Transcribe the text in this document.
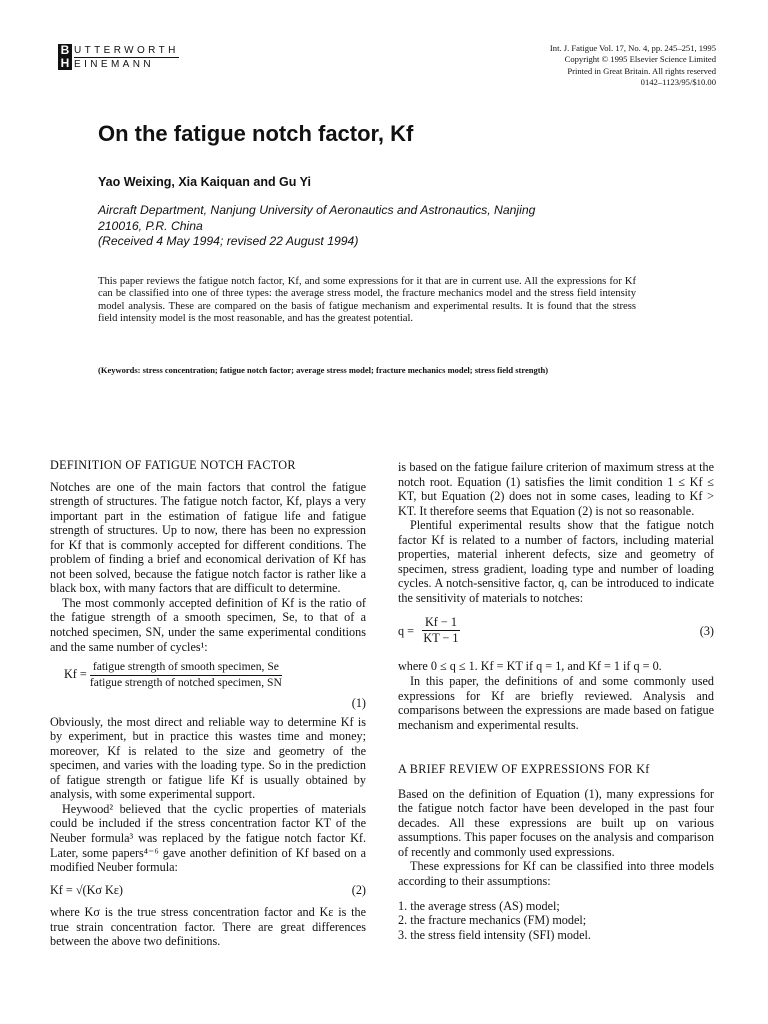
B
H
UTTERWORTH
EINEMANN
Int. J. Fatigue Vol. 17, No. 4, pp. 245–251, 1995
Copyright © 1995 Elsevier Science Limited
Printed in Great Britain. All rights reserved
0142–1123/95/$10.00
On the fatigue notch factor, Kf
Yao Weixing, Xia Kaiquan and Gu Yi
Aircraft Department, Nanjung University of Aeronautics and Astronautics, Nanjing
210016, P.R. China
(Received 4 May 1994; revised 22 August 1994)
This paper reviews the fatigue notch factor, Kf, and some expressions for it that are in current use. All the expressions for Kf can be classified into one of three types: the average stress model, the fracture mechanics model and the stress field intensity model analysis. These are compared on the basis of fatigue mechanism and experimental results. It is found that the stress field intensity model is the most reasonable, and has the greatest potential.
(Keywords: stress concentration; fatigue notch factor; average stress model; fracture mechanics model; stress field strength)
DEFINITION OF FATIGUE NOTCH FACTOR

Notches are one of the main factors that control the fatigue strength of structures. The fatigue notch factor, Kf, plays a very important part in the estimation of fatigue life and fatigue strength of structures. Up to now, there has been no expression for Kf that is commonly accepted for different conditions. The problem of finding a brief and economical derivation of Kf has not been solved, because the fatigue notch factor is rather like a black box, with many factors that are difficult to determine.

The most commonly accepted definition of Kf is the ratio of the fatigue strength of a smooth specimen, Se, to that of a notched specimen, SN, under the same experimental conditions and the same number of cycles¹:

$Kf = \frac{\text{fatigue strength of smooth specimen, Se}}{\text{fatigue strength of notched specimen, SN}}$
(1)

Obviously, the most direct and reliable way to determine Kf is by experiment, but in practice this wastes time and money; moreover, Kf is related to the size and geometry of the specimen, and varies with the loading type. So in the prediction of fatigue strength or fatigue life Kf is usually obtained by analysis, with some experimental support.

Heywood² believed that the cyclic properties of materials could be included if the stress concentration factor KT of the Neuber formula³ was replaced by the fatigue notch factor Kf. Later, some papers⁴⁻⁶ gave another definition of Kf based on a modified Neuber formula:

Kf = √(Kσ Kε)	(2)

where Kσ is the true stress concentration factor and Kε is the true strain concentration factor. There are great differences between the above two definitions.

is based on the fatigue failure criterion of maximum stress at the notch root. Equation (1) satisfies the limit condition 1 ≤ Kf ≤ KT, but Equation (2) does not in some cases, leading to Kf > KT. It therefore seems that Equation (2) is not so reasonable.

Plentiful experimental results show that the fatigue notch factor Kf is related to a number of factors, including material properties, material inherent defects, size and geometry of specimen, stress gradient, loading type and number of loading cycles. A notch-sensitive factor, q, can be introduced to indicate the sensitivity of materials to notches:

$q = \frac{Kf - 1}{KT - 1}$	(3)

where 0 ≤ q ≤ 1. Kf = KT if q = 1, and Kf = 1 if q = 0.

In this paper, the definitions of and some commonly used expressions for Kf are briefly reviewed. Analysis and comparisons between the expressions are made based on fatigue mechanism and experimental results.

A BRIEF REVIEW OF EXPRESSIONS FOR Kf

Based on the definition of Equation (1), many expressions for the fatigue notch factor have been developed in the past four decades. All these expressions are built up on various assumptions. This paper focuses on the analysis and comparison of recently and commonly used expressions.

These expressions for Kf can be classified into three models according to their assumptions:

1. the average stress (AS) model;
2. the fracture mechanics (FM) model;
3. the stress field intensity (SFI) model.
